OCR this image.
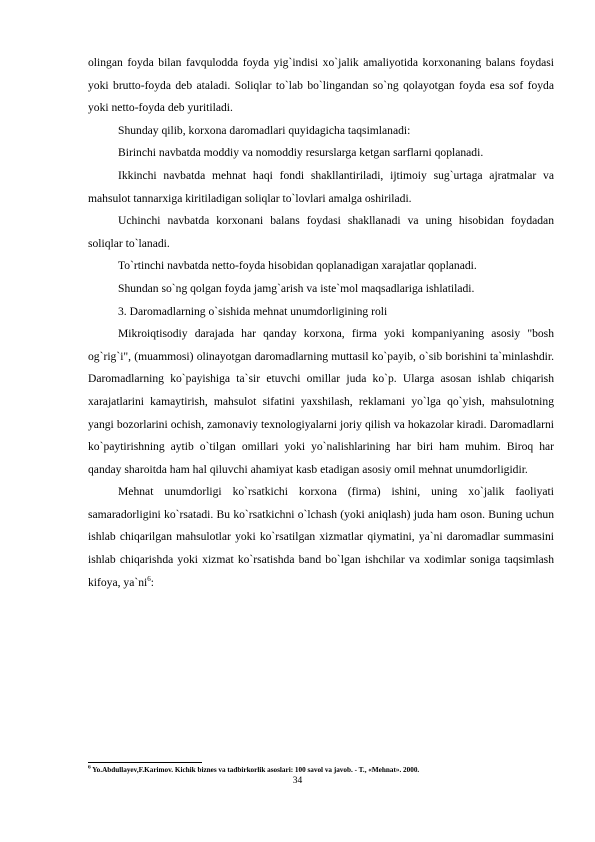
olingan foyda bilan favqulodda foyda yig`indisi xo`jalik amaliyotida korxonaning balans foydasi yoki brutto-foyda deb ataladi. Soliqlar to`lab bo`lingandan so`ng qolayotgan foyda esa sof foyda yoki netto-foyda deb yuritiladi.

Shunday qilib, korxona daromadlari quyidagicha taqsimlanadi:

Birinchi navbatda moddiy va nomoddiy resurslarga ketgan sarflarni qoplanadi.

Ikkinchi navbatda mehnat haqi fondi shakllantiriladi, ijtimoiy sug`urtaga ajratmalar va mahsulot tannarxiga kiritiladigan soliqlar to`lovlari amalga oshiriladi.

Uchinchi navbatda korxonani balans foydasi shakllanadi va uning hisobidan foydadan soliqlar to`lanadi.

To`rtinchi navbatda netto-foyda hisobidan qoplanadigan xarajatlar qoplanadi.

Shundan so`ng qolgan foyda jamg`arish va iste`mol maqsadlariga ishlatiladi.

3. Daromadlarning o`sishida mehnat unumdorligining roli

Mikroiqtisodiy darajada har qanday korxona, firma yoki kompaniyaning asosiy "bosh og`rig`i", (muammosi) olinayotgan daromadlarning muttasil ko`payib, o`sib borishini ta`minlashdir. Daromadlarning ko`payishiga ta`sir etuvchi omillar juda ko`p. Ularga asosan ishlab chiqarish xarajatlarini kamaytirish, mahsulot sifatini yaxshilash, reklamani yo`lga qo`yish, mahsulotning yangi bozorlarini ochish, zamonaviy texnologiyalarni joriy qilish va hokazolar kiradi. Daromadlarni ko`paytirishning aytib o`tilgan omillari yoki yo`nalishlarining har biri ham muhim. Biroq har qanday sharoitda ham hal qiluvchi ahamiyat kasb etadigan asosiy omil mehnat unumdorligidir.

Mehnat unumdorligi ko`rsatkichi korxona (firma) ishini, uning xo`jalik faoliyati samaradorligini ko`rsatadi. Bu ko`rsatkichni o`lchash (yoki aniqlash) juda ham oson. Buning uchun ishlab chiqarilgan mahsulotlar yoki ko`rsatilgan xizmatlar qiymatini, ya`ni daromadlar summasini ishlab chiqarishda yoki xizmat ko`rsatishda band bo`lgan ishchilar va xodimlar soniga taqsimlash kifoya, ya`ni$^6$:

$^6$ Yo.Abdullayev,F.Karimov. Kichik biznes va tadbirkorlik asoslari: 100 savol va javob. - T., «Mehnat». 2000.
34
